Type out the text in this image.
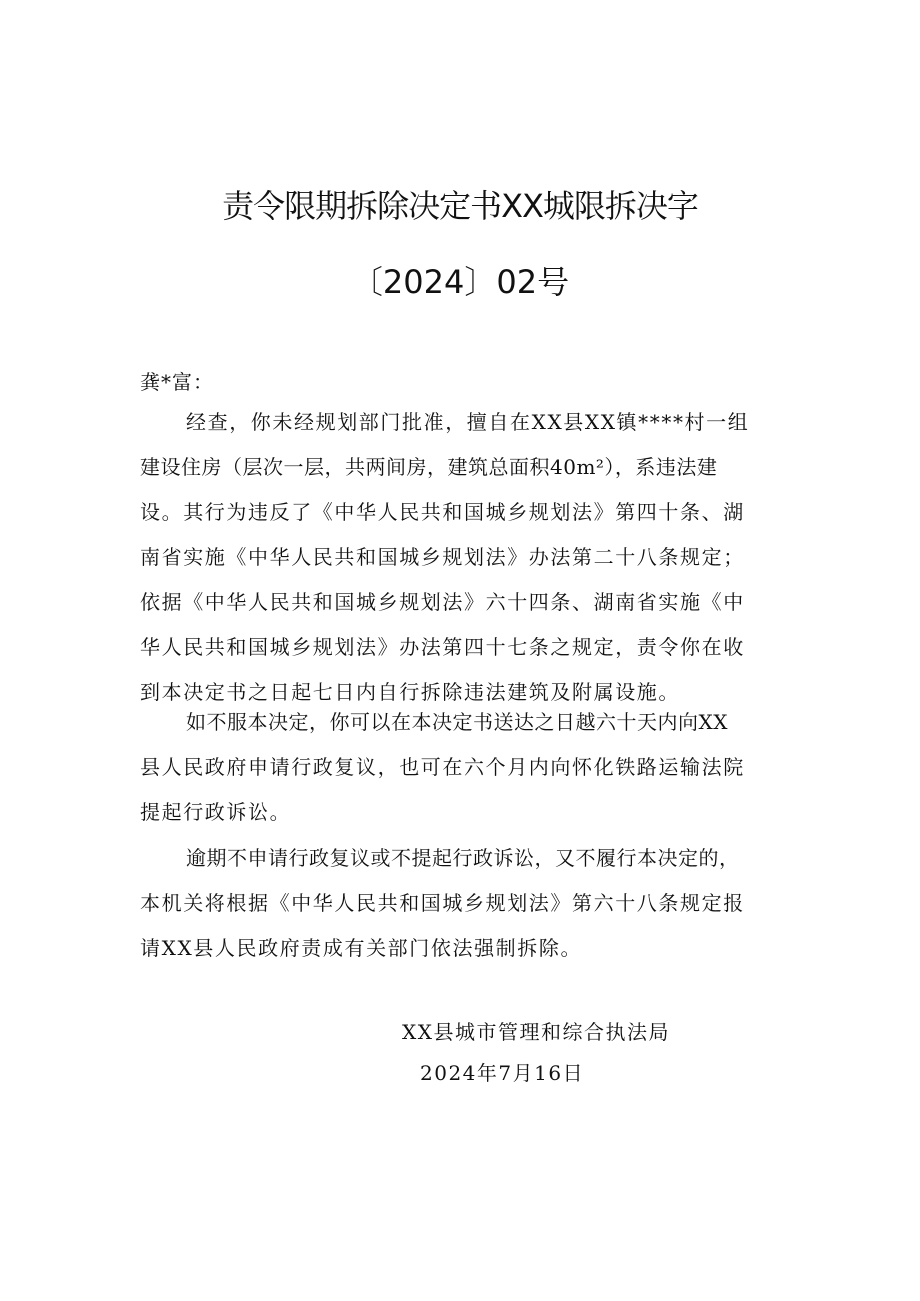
责令限期拆除决定书XX城限拆决字
〔2024〕02号
龚*富：
经查，你未经规划部门批准，擅自在XX县XX镇****村一组
建设住房（层次一层，共两间房，建筑总面积40m²），系违法建
设。其行为违反了《中华人民共和国城乡规划法》第四十条、湖
南省实施《中华人民共和国城乡规划法》办法第二十八条规定；
依据《中华人民共和国城乡规划法》六十四条、湖南省实施《中
华人民共和国城乡规划法》办法第四十七条之规定，责令你在收
到本决定书之日起七日内自行拆除违法建筑及附属设施。
如不服本决定，你可以在本决定书送达之日越六十天内向XX
县人民政府申请行政复议，也可在六个月内向怀化铁路运输法院
提起行政诉讼。
逾期不申请行政复议或不提起行政诉讼，又不履行本决定的，
本机关将根据《中华人民共和国城乡规划法》第六十八条规定报
请XX县人民政府责成有关部门依法强制拆除。
XX县城市管理和综合执法局
2024年7月16日
